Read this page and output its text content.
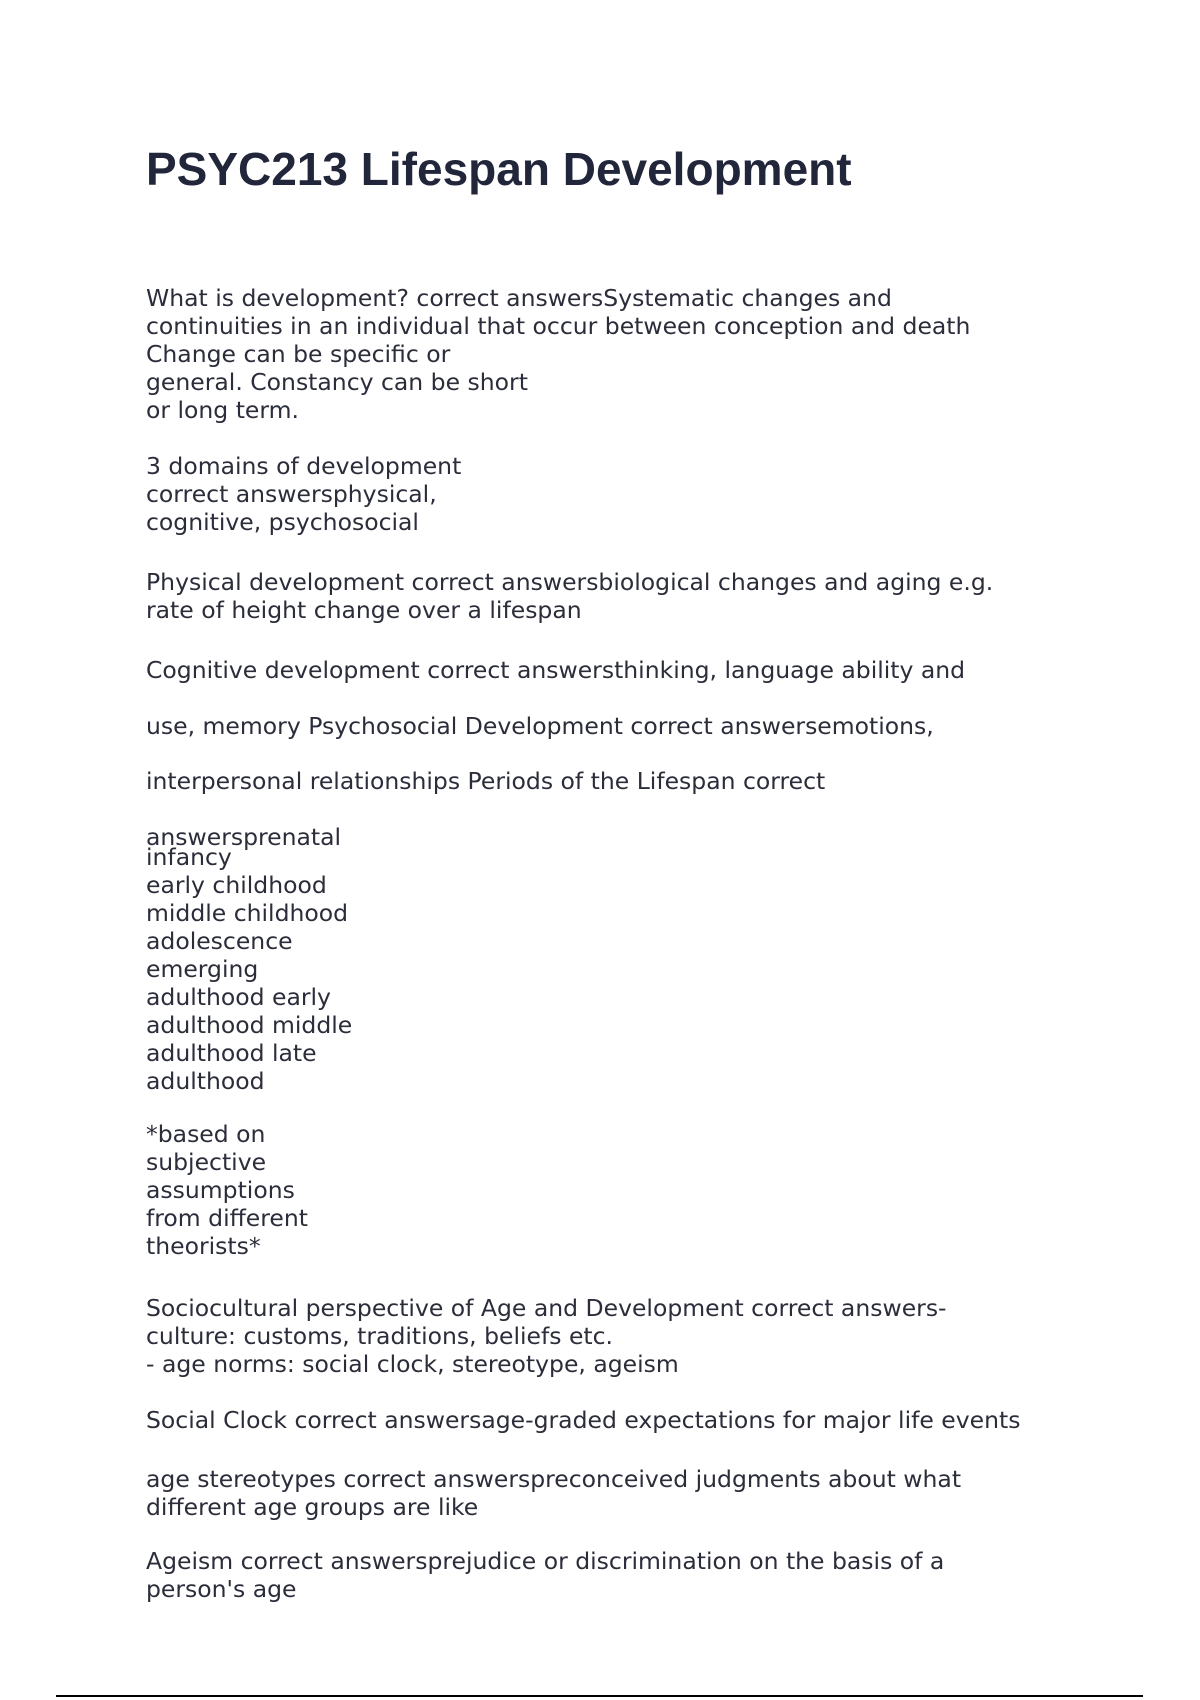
PSYC213 Lifespan Development

What is development? correct answersSystematic changes and
continuities in an individual that occur between conception and death
Change can be specific or
general. Constancy can be short
or long term.

3 domains of development
correct answersphysical,
cognitive, psychosocial

Physical development correct answersbiological changes and aging e.g.
rate of height change over a lifespan

Cognitive development correct answersthinking, language ability and

use, memory Psychosocial Development correct answersemotions,

interpersonal relationships Periods of the Lifespan correct

answersprenatal

infancy
early childhood
middle childhood
adolescence
emerging
adulthood early
adulthood middle
adulthood late
adulthood

*based on
subjective
assumptions
from different
theorists*

Sociocultural perspective of Age and Development correct answers-
culture: customs, traditions, beliefs etc.
- age norms: social clock, stereotype, ageism

Social Clock correct answersage-graded expectations for major life events

age stereotypes correct answerspreconceived judgments about what
different age groups are like

Ageism correct answersprejudice or discrimination on the basis of a
person's age
